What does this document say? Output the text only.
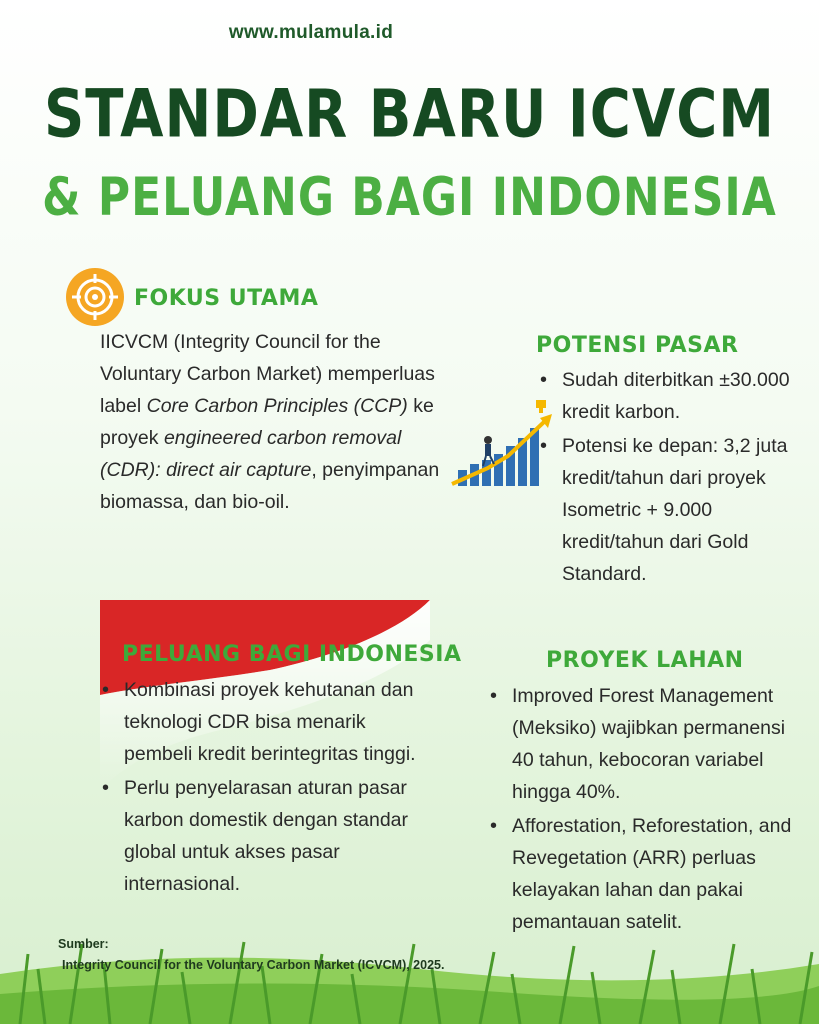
www.mulamula.id
STANDAR BARU ICVCM
& PELUANG BAGI INDONESIA
FOKUS UTAMA
IICVCM (Integrity Council for the Voluntary Carbon Market) memperluas label Core Carbon Principles (CCP) ke proyek engineered carbon removal (CDR): direct air capture, penyimpanan biomassa, dan bio-oil.
POTENSI PASAR
• Sudah diterbitkan ±30.000 kredit karbon.
• Potensi ke depan: 3,2 juta kredit/tahun dari proyek Isometric + 9.000 kredit/tahun dari Gold Standard.
PELUANG BAGI INDONESIA
• Kombinasi proyek kehutanan dan teknologi CDR bisa menarik pembeli kredit berintegritas tinggi.
• Perlu penyelarasan aturan pasar karbon domestik dengan standar global untuk akses pasar internasional.
PROYEK LAHAN
• Improved Forest Management (Meksiko) wajibkan permanensi 40 tahun, kebocoran variabel hingga 40%.
• Afforestation, Reforestation, and Revegetation (ARR) perluas kelayakan lahan dan pakai pemantauan satelit.
Sumber:
Integrity Council for the Voluntary Carbon Market (ICVCM), 2025.
